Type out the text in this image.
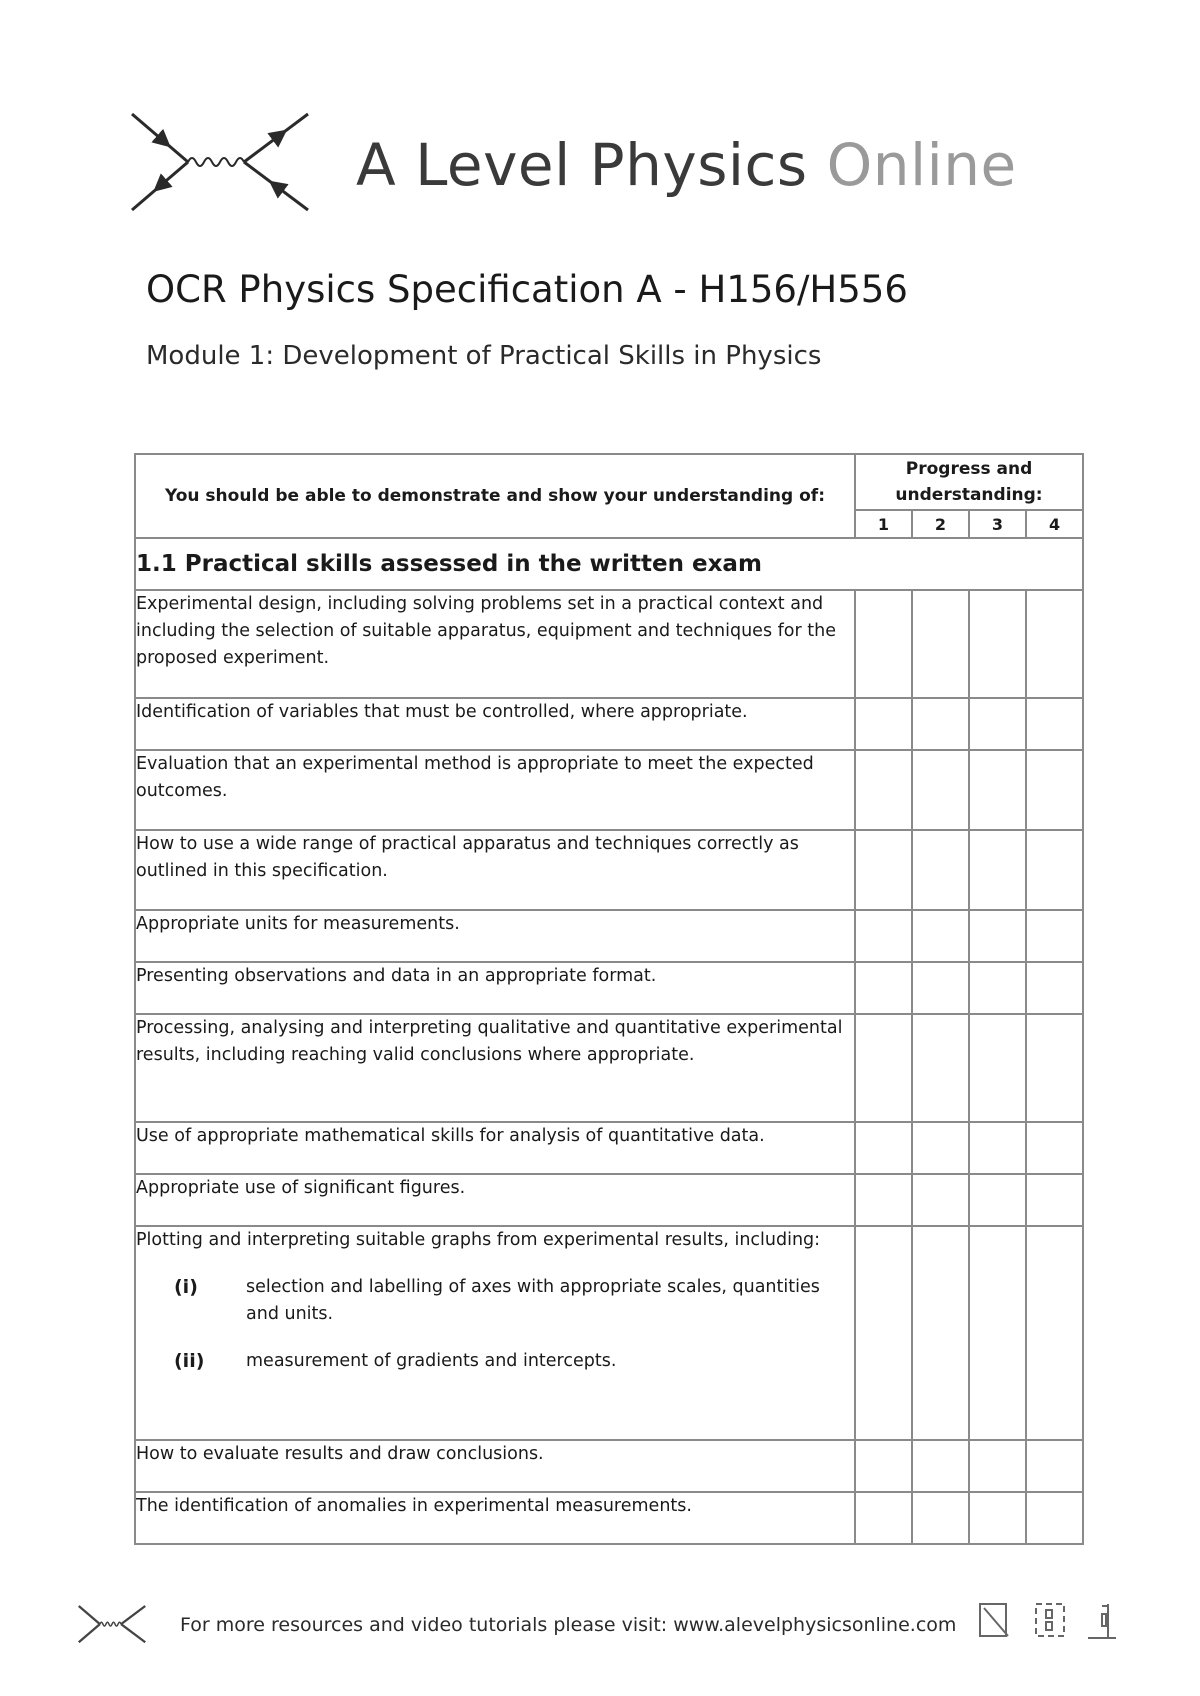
A Level Physics Online
OCR Physics Specification A - H156/H556
Module 1: Development of Practical Skills in Physics
You should be able to demonstrate and show your understanding of:	Progress and understanding:			
	1	2	3	4
1.1 Practical skills assessed in the written exam				
Experimental design, including solving problems set in a practical context and including the selection of suitable apparatus, equipment and techniques for the proposed experiment.				
Identification of variables that must be controlled, where appropriate.				
Evaluation that an experimental method is appropriate to meet the expected outcomes.				
How to use a wide range of practical apparatus and techniques correctly as outlined in this specification.				
Appropriate units for measurements.				
Presenting observations and data in an appropriate format.				
Processing, analysing and interpreting qualitative and quantitative experimental results, including reaching valid conclusions where appropriate.				
Use of appropriate mathematical skills for analysis of quantitative data.				
Appropriate use of significant figures.				

Plotting and interpreting suitable graphs from experimental results, including:
(i) selection and labelling of axes with appropriate scales, quantities and units.
(ii) measurement of gradients and intercepts.				

How to evaluate results and draw conclusions.				
The identification of anomalies in experimental measurements.				
For more resources and video tutorials please visit: www.alevelphysicsonline.com
